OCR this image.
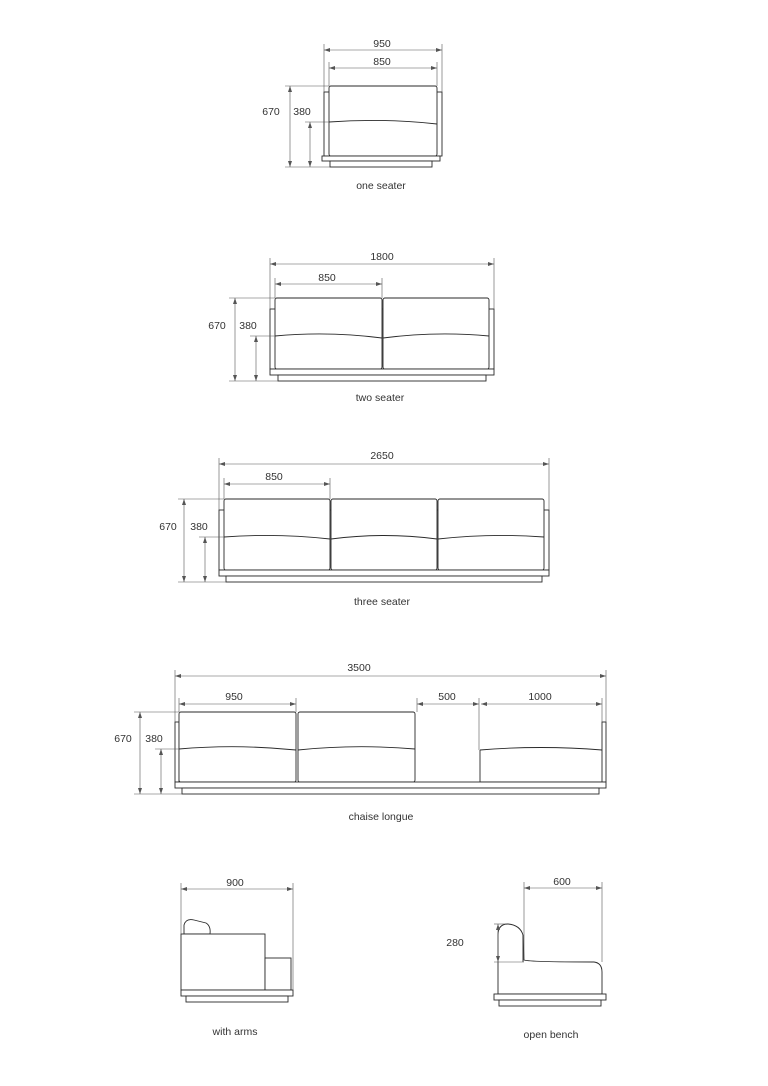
950
850
670 380
one seater
1800
850
670 380
two seater
2650
850
670 380
three seater
3500
950	500	1000
670 380
chaise longue
900
with arms
600
280
open bench
